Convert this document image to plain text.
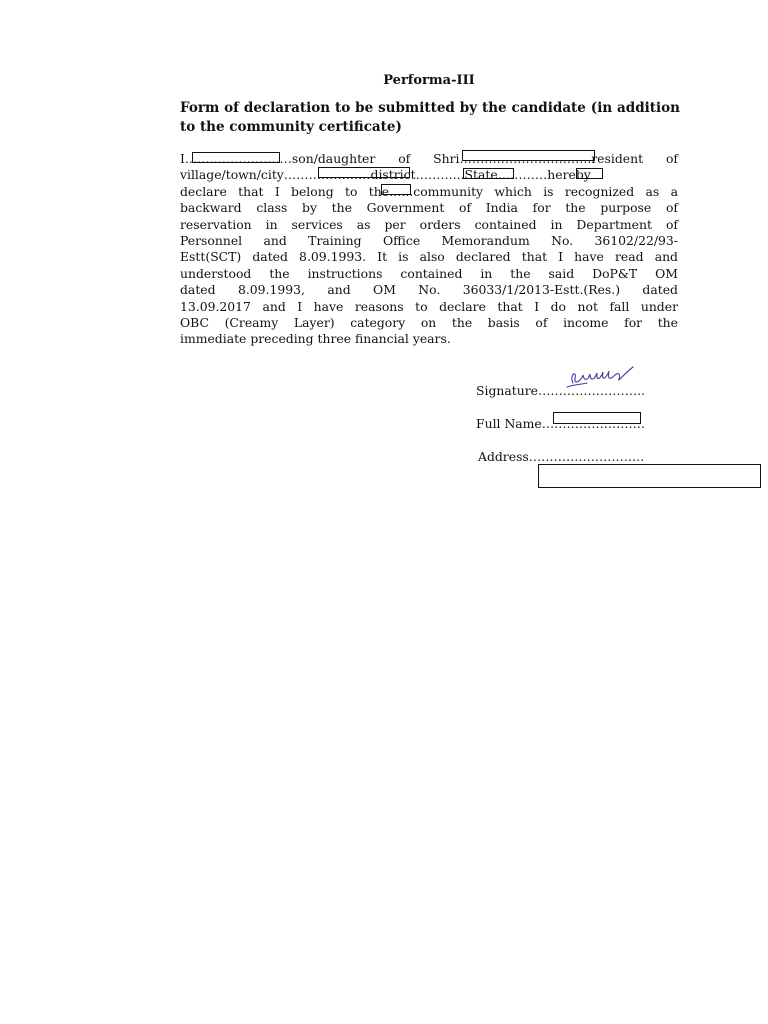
Performa-III
Form of declaration to be submitted by the candidate (in addition to the community certificate)
I.………………….…son/daughter of Shri…………………………..resident of
village/town/city…………………district………...State…………hereby
declare that I belong to the…...community which is recognized as a
backward class by the Government of India for the purpose of
reservation in services as per orders contained in Department of
Personnel and Training Office Memorandum No. 36102/22/93-
Estt(SCT) dated 8.09.1993. It is also declared that I have read and
understood the instructions contained in the said DoP&T OM
dated 8.09.1993, and OM No. 36033/1/2013-Estt.(Res.) dated
13.09.2017 and I have reasons to declare that I do not fall under
OBC (Creamy Layer) category on the basis of income for the
immediate preceding three financial years.
Signature……………………..
Full Name…………………….
Address……………………….
